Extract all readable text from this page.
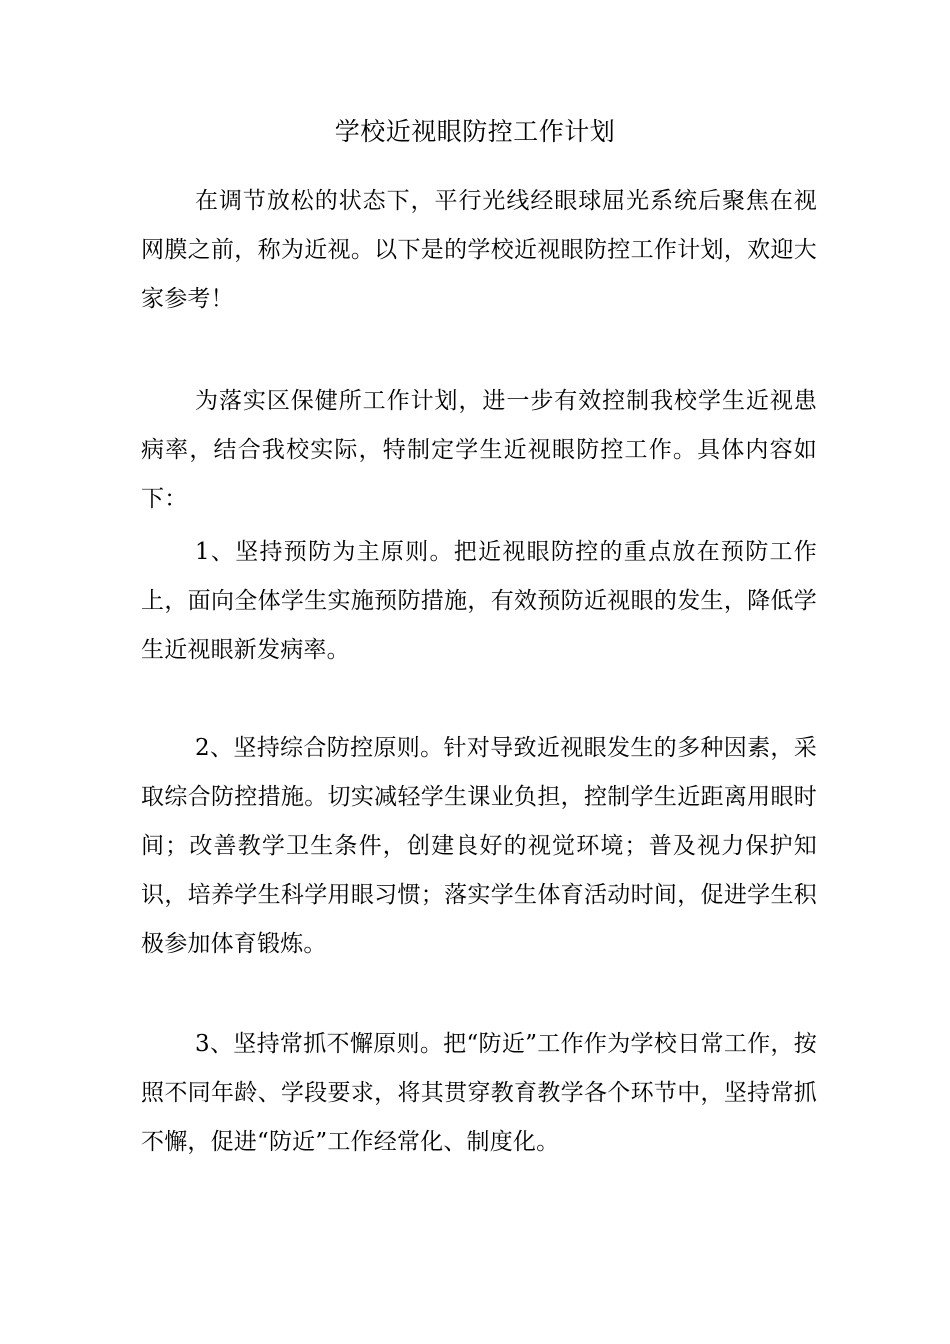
学校近视眼防控工作计划

在调节放松的状态下，平行光线经眼球屈光系统后聚焦在视网膜之前，称为近视。以下是的学校近视眼防控工作计划，欢迎大家参考！

为落实区保健所工作计划，进一步有效控制我校学生近视患病率，结合我校实际，特制定学生近视眼防控工作。具体内容如下：

1、坚持预防为主原则。把近视眼防控的重点放在预防工作上，面向全体学生实施预防措施，有效预防近视眼的发生，降低学生近视眼新发病率。

2、坚持综合防控原则。针对导致近视眼发生的多种因素，采取综合防控措施。切实减轻学生课业负担，控制学生近距离用眼时间；改善教学卫生条件，创建良好的视觉环境；普及视力保护知识，培养学生科学用眼习惯；落实学生体育活动时间，促进学生积极参加体育锻炼。

3、坚持常抓不懈原则。把“防近”工作作为学校日常工作，按照不同年龄、学段要求，将其贯穿教育教学各个环节中，坚持常抓不懈，促进“防近”工作经常化、制度化。
